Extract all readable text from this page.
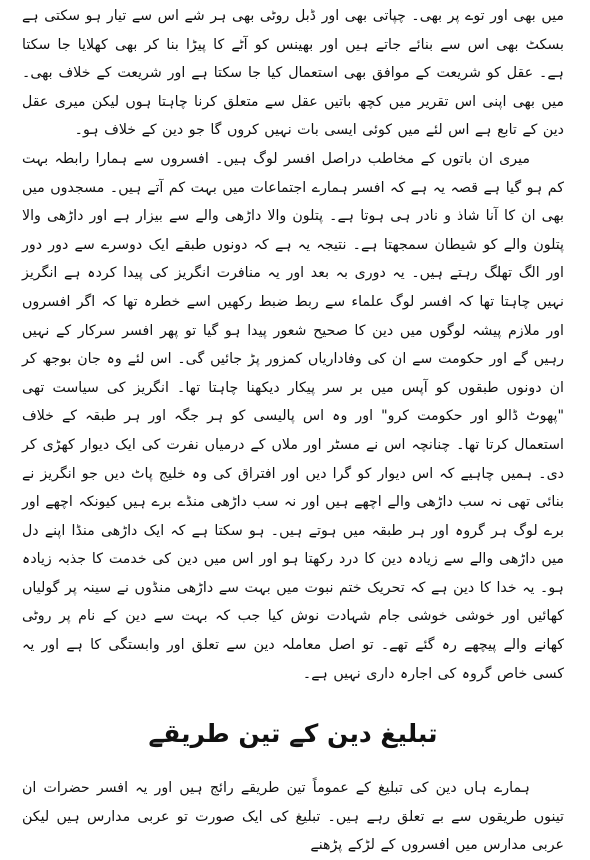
میں بھی اور توے پر بھی۔ چپاتی بھی اور ڈبل روٹی بھی ہر شے اس سے تیار ہو سکتی ہے بسکٹ بھی اس سے بنائے جاتے ہیں اور بھینس کو آٹے کا پیڑا بنا کر بھی کھلایا جا سکتا ہے۔ عقل کو شریعت کے موافق بھی استعمال کیا جا سکتا ہے اور شریعت کے خلاف بھی۔ میں بھی اپنی اس تقریر میں کچھ باتیں عقل سے متعلق کرنا چاہتا ہوں لیکن میری عقل دین کے تابع ہے اس لئے میں کوئی ایسی بات نہیں کروں گا جو دین کے خلاف ہو۔

میری ان باتوں کے مخاطب دراصل افسر لوگ ہیں۔ افسروں سے ہمارا رابطہ بہت کم ہو گیا ہے قصہ یہ ہے کہ افسر ہمارے اجتماعات میں بہت کم آتے ہیں۔ مسجدوں میں بھی ان کا آنا شاذ و نادر ہی ہوتا ہے۔ پتلون والا داڑھی والے سے بیزار ہے اور داڑھی والا پتلون والے کو شیطان سمجھتا ہے۔ نتیجہ یہ ہے کہ دونوں طبقے ایک دوسرے سے دور دور اور الگ تھلگ رہتے ہیں۔ یہ دوری بہ بعد اور یہ منافرت انگریز کی پیدا کردہ ہے انگریز نہیں چاہتا تھا کہ افسر لوگ علماء سے ربط ضبط رکھیں اسے خطرہ تھا کہ اگر افسروں اور ملازم پیشہ لوگوں میں دین کا صحیح شعور پیدا ہو گیا تو پھر افسر سرکار کے نہیں رہیں گے اور حکومت سے ان کی وفاداریاں کمزور پڑ جائیں گی۔ اس لئے وہ جان بوجھ کر ان دونوں طبقوں کو آپس میں بر سر پیکار دیکھنا چاہتا تھا۔ انگریز کی سیاست تھی "پھوٹ ڈالو اور حکومت کرو" اور وہ اس پالیسی کو ہر جگہ اور ہر طبقہ کے خلاف استعمال کرتا تھا۔ چنانچہ اس نے مسٹر اور ملاں کے درمیاں نفرت کی ایک دیوار کھڑی کر دی۔ ہمیں چاہیے کہ اس دیوار کو گرا دیں اور افتراق کی وہ خلیج پاٹ دیں جو انگریز نے بنائی تھی نہ سب داڑھی والے اچھے ہیں اور نہ سب داڑھی منڈے برے ہیں کیونکہ اچھے اور برے لوگ ہر گروہ اور ہر طبقہ میں ہوتے ہیں۔ ہو سکتا ہے کہ ایک داڑھی منڈا اپنے دل میں داڑھی والے سے زیادہ دین کا درد رکھتا ہو اور اس میں دین کی خدمت کا جذبہ زیادہ ہو۔ یہ خدا کا دین ہے کہ تحریک ختم نبوت میں بہت سے داڑھی منڈوں نے سینہ پر گولیاں کھائیں اور خوشی خوشی جام شہادت نوش کیا جب کہ بہت سے دین کے نام پر روٹی کھانے والے پیچھے رہ گئے تھے۔ تو اصل معاملہ دین سے تعلق اور وابستگی کا ہے اور یہ کسی خاص گروہ کی اجارہ داری نہیں ہے۔

تبلیغ دین کے تین طریقے

ہمارے ہاں دین کی تبلیغ کے عموماً تین طریقے رائج ہیں اور یہ افسر حضرات ان تینوں طریقوں سے بے تعلق رہے ہیں۔ تبلیغ کی ایک صورت تو عربی مدارس ہیں لیکن عربی مدارس میں افسروں کے لڑکے پڑھنے
